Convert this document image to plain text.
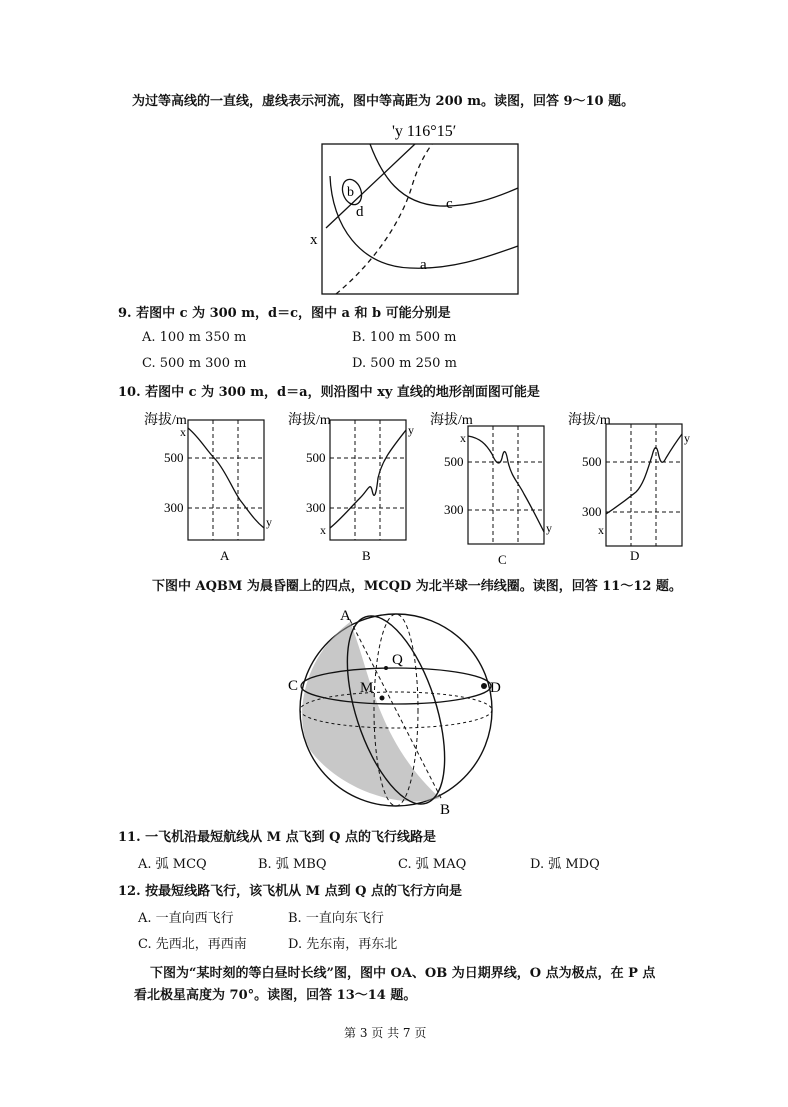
为过等高线的一直线，虚线表示河流，图中等高距为 200 m。读图，回答 9～10 题。
'y 116°15′
b
c
d
x
a
9. 若图中 c 为 300 m，d＝c，图中 a 和 b 可能分别是
A. 100 m 350 m	B. 100 m 500 m
C. 500 m 300 m	D. 500 m 250 m
10. 若图中 c 为 300 m，d＝a，则沿图中 xy 直线的地形剖面图可能是
海拔/m
500
300
x
y
A
海拔/m
500
300
x
y
B
海拔/m
500
300
x
y
C
海拔/m
500
300
x
y
D
下图中 AQBM 为晨昏圈上的四点，MCQD 为北半球一纬线圈。读图，回答 11～12 题。
A
Q
C	M	D
B
11. 一飞机沿最短航线从 M 点飞到 Q 点的飞行线路是
A. 弧 MCQ	B. 弧 MBQ	C. 弧 MAQ	D. 弧 MDQ
12. 按最短线路飞行，该飞机从 M 点到 Q 点的飞行方向是
A. 一直向西飞行	B. 一直向东飞行
C. 先西北，再西南	D. 先东南，再东北
下图为“某时刻的等白昼时长线”图，图中 OA、OB 为日期界线，O 点为极点，在 P 点
看北极星高度为 70°。读图，回答 13～14 题。
第 3 页 共 7 页
